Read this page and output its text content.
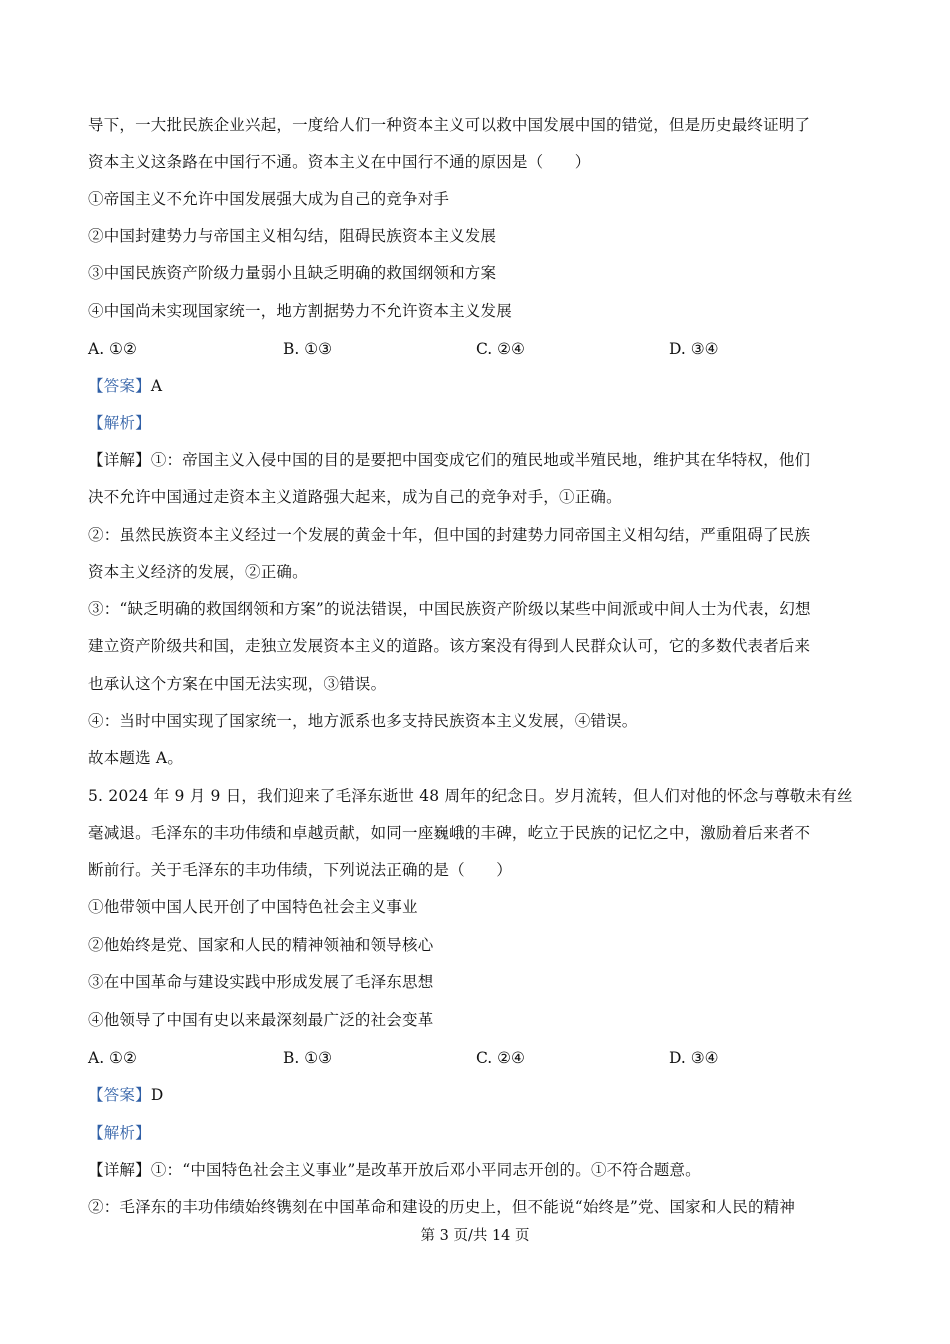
导下，一大批民族企业兴起，一度给人们一种资本主义可以救中国发展中国的错觉，但是历史最终证明了
资本主义这条路在中国行不通。资本主义在中国行不通的原因是（　　）
①帝国主义不允许中国发展强大成为自己的竞争对手
②中国封建势力与帝国主义相勾结，阻碍民族资本主义发展
③中国民族资产阶级力量弱小且缺乏明确的救国纲领和方案
④中国尚未实现国家统一，地方割据势力不允许资本主义发展
A. ①②	B. ①③	C. ②④	D. ③④
【答案】A
【解析】
【详解】①：帝国主义入侵中国的目的是要把中国变成它们的殖民地或半殖民地，维护其在华特权，他们
决不允许中国通过走资本主义道路强大起来，成为自己的竞争对手，①正确。
②：虽然民族资本主义经过一个发展的黄金十年，但中国的封建势力同帝国主义相勾结，严重阻碍了民族
资本主义经济的发展，②正确。
③：“缺乏明确的救国纲领和方案”的说法错误，中国民族资产阶级以某些中间派或中间人士为代表，幻想
建立资产阶级共和国，走独立发展资本主义的道路。该方案没有得到人民群众认可，它的多数代表者后来
也承认这个方案在中国无法实现，③错误。
④：当时中国实现了国家统一，地方派系也多支持民族资本主义发展，④错误。
故本题选 A。
5. 2024 年 9 月 9 日，我们迎来了毛泽东逝世 48 周年的纪念日。岁月流转，但人们对他的怀念与尊敬未有丝
毫减退。毛泽东的丰功伟绩和卓越贡献，如同一座巍峨的丰碑，屹立于民族的记忆之中，激励着后来者不
断前行。关于毛泽东的丰功伟绩，下列说法正确的是（　　）
①他带领中国人民开创了中国特色社会主义事业
②他始终是党、国家和人民的精神领袖和领导核心
③在中国革命与建设实践中形成发展了毛泽东思想
④他领导了中国有史以来最深刻最广泛的社会变革
A. ①②	B. ①③	C. ②④	D. ③④
【答案】D
【解析】
【详解】①：“中国特色社会主义事业”是改革开放后邓小平同志开创的。①不符合题意。
②：毛泽东的丰功伟绩始终镌刻在中国革命和建设的历史上，但不能说“始终是”党、国家和人民的精神
第 3 页/共 14 页
